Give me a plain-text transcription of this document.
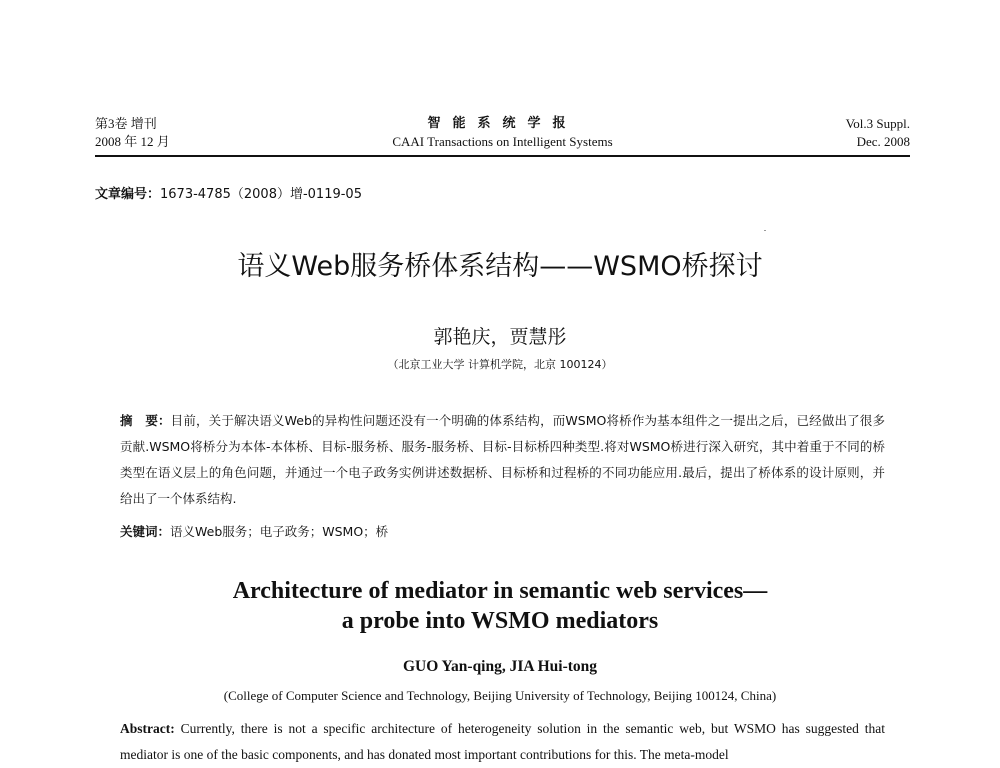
第3卷 增刊
2008 年 12 月
智能系统学报
CAAI Transactions on Intelligent Systems
Vol.3 Suppl.
Dec. 2008
文章编号：1673-4785（2008）增-0119-05
语义Web服务桥体系结构——WSMO桥探讨
郭艳庆，贾慧彤
（北京工业大学 计算机学院，北京 100124）
摘　要：目前，关于解决语义Web的异构性问题还没有一个明确的体系结构，而WSMO将桥作为基本组件之一提出之后，已经做出了很多贡献.WSMO将桥分为本体-本体桥、目标-服务桥、服务-服务桥、目标-目标桥四种类型.将对WSMO桥进行深入研究，其中着重于不同的桥类型在语义层上的角色问题，并通过一个电子政务实例讲述数据桥、目标桥和过程桥的不同功能应用.最后，提出了桥体系的设计原则，并给出了一个体系结构.
关键词：语义Web服务；电子政务；WSMO；桥
Architecture of mediator in semantic web services—
a probe into WSMO mediators
GUO Yan-qing, JIA Hui-tong
(College of Computer Science and Technology, Beijing University of Technology, Beijing 100124, China)
Abstract: Currently, there is not a specific architecture of heterogeneity solution in the semantic web, but WSMO has suggested that mediator is one of the basic components, and has donated most important contributions for this. The meta-model
